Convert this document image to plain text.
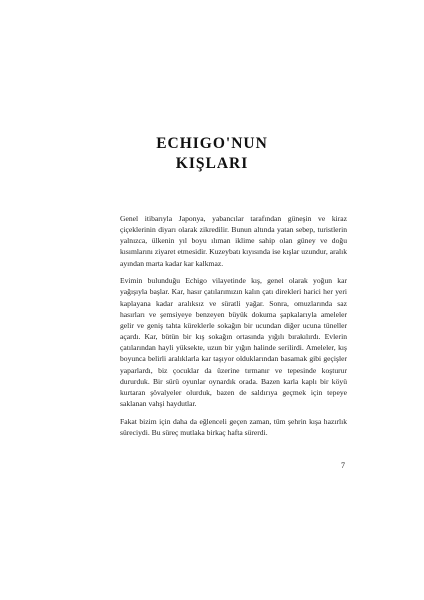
ECHIGO'NUN
KIŞLARI

Genel itibarıyla Japonya, yabancılar tarafından güneşin ve kiraz çiçeklerinin diyarı olarak zikredilir. Bunun altında yatan sebep, turistlerin yalnızca, ülkenin yıl boyu ılıman iklime sahip olan güney ve doğu kısımlarını ziyaret etmesidir. Kuzeybatı kıyısında ise kışlar uzundur, aralık ayından marta kadar kar kalkmaz.

Evimin bulunduğu Echigo vilayetinde kış, genel olarak yoğun kar yağışıyla başlar. Kar, hasır çatılarımızın kalın çatı direkleri harici her yeri kaplayana kadar aralıksız ve süratli yağar. Sonra, omuzlarında saz hasırları ve şemsiyeye benzeyen büyük dokuma şapkalarıyla ameleler gelir ve geniş tahta küreklerle sokağın bir ucundan diğer ucuna tüneller açardı. Kar, bütün bir kış sokağın ortasında yığılı bırakılırdı. Evlerin çatılarından hayli yüksekte, uzun bir yığın halinde serilirdi. Ameleler, kış boyunca belirli aralıklarla kar taşıyor olduklarından basamak gibi geçişler yaparlardı, biz çocuklar da üzerine tırmanır ve tepesinde koşturur dururduk. Bir sürü oyunlar oynardık orada. Bazen karla kaplı bir köyü kurtaran şövalyeler olurduk, bazen de saldırıya geçmek için tepeye saklanan vahşi haydutlar.

Fakat bizim için daha da eğlenceli geçen zaman, tüm şehrin kışa hazırlık süreciydi. Bu süreç mutlaka birkaç hafta sürerdi.

7
